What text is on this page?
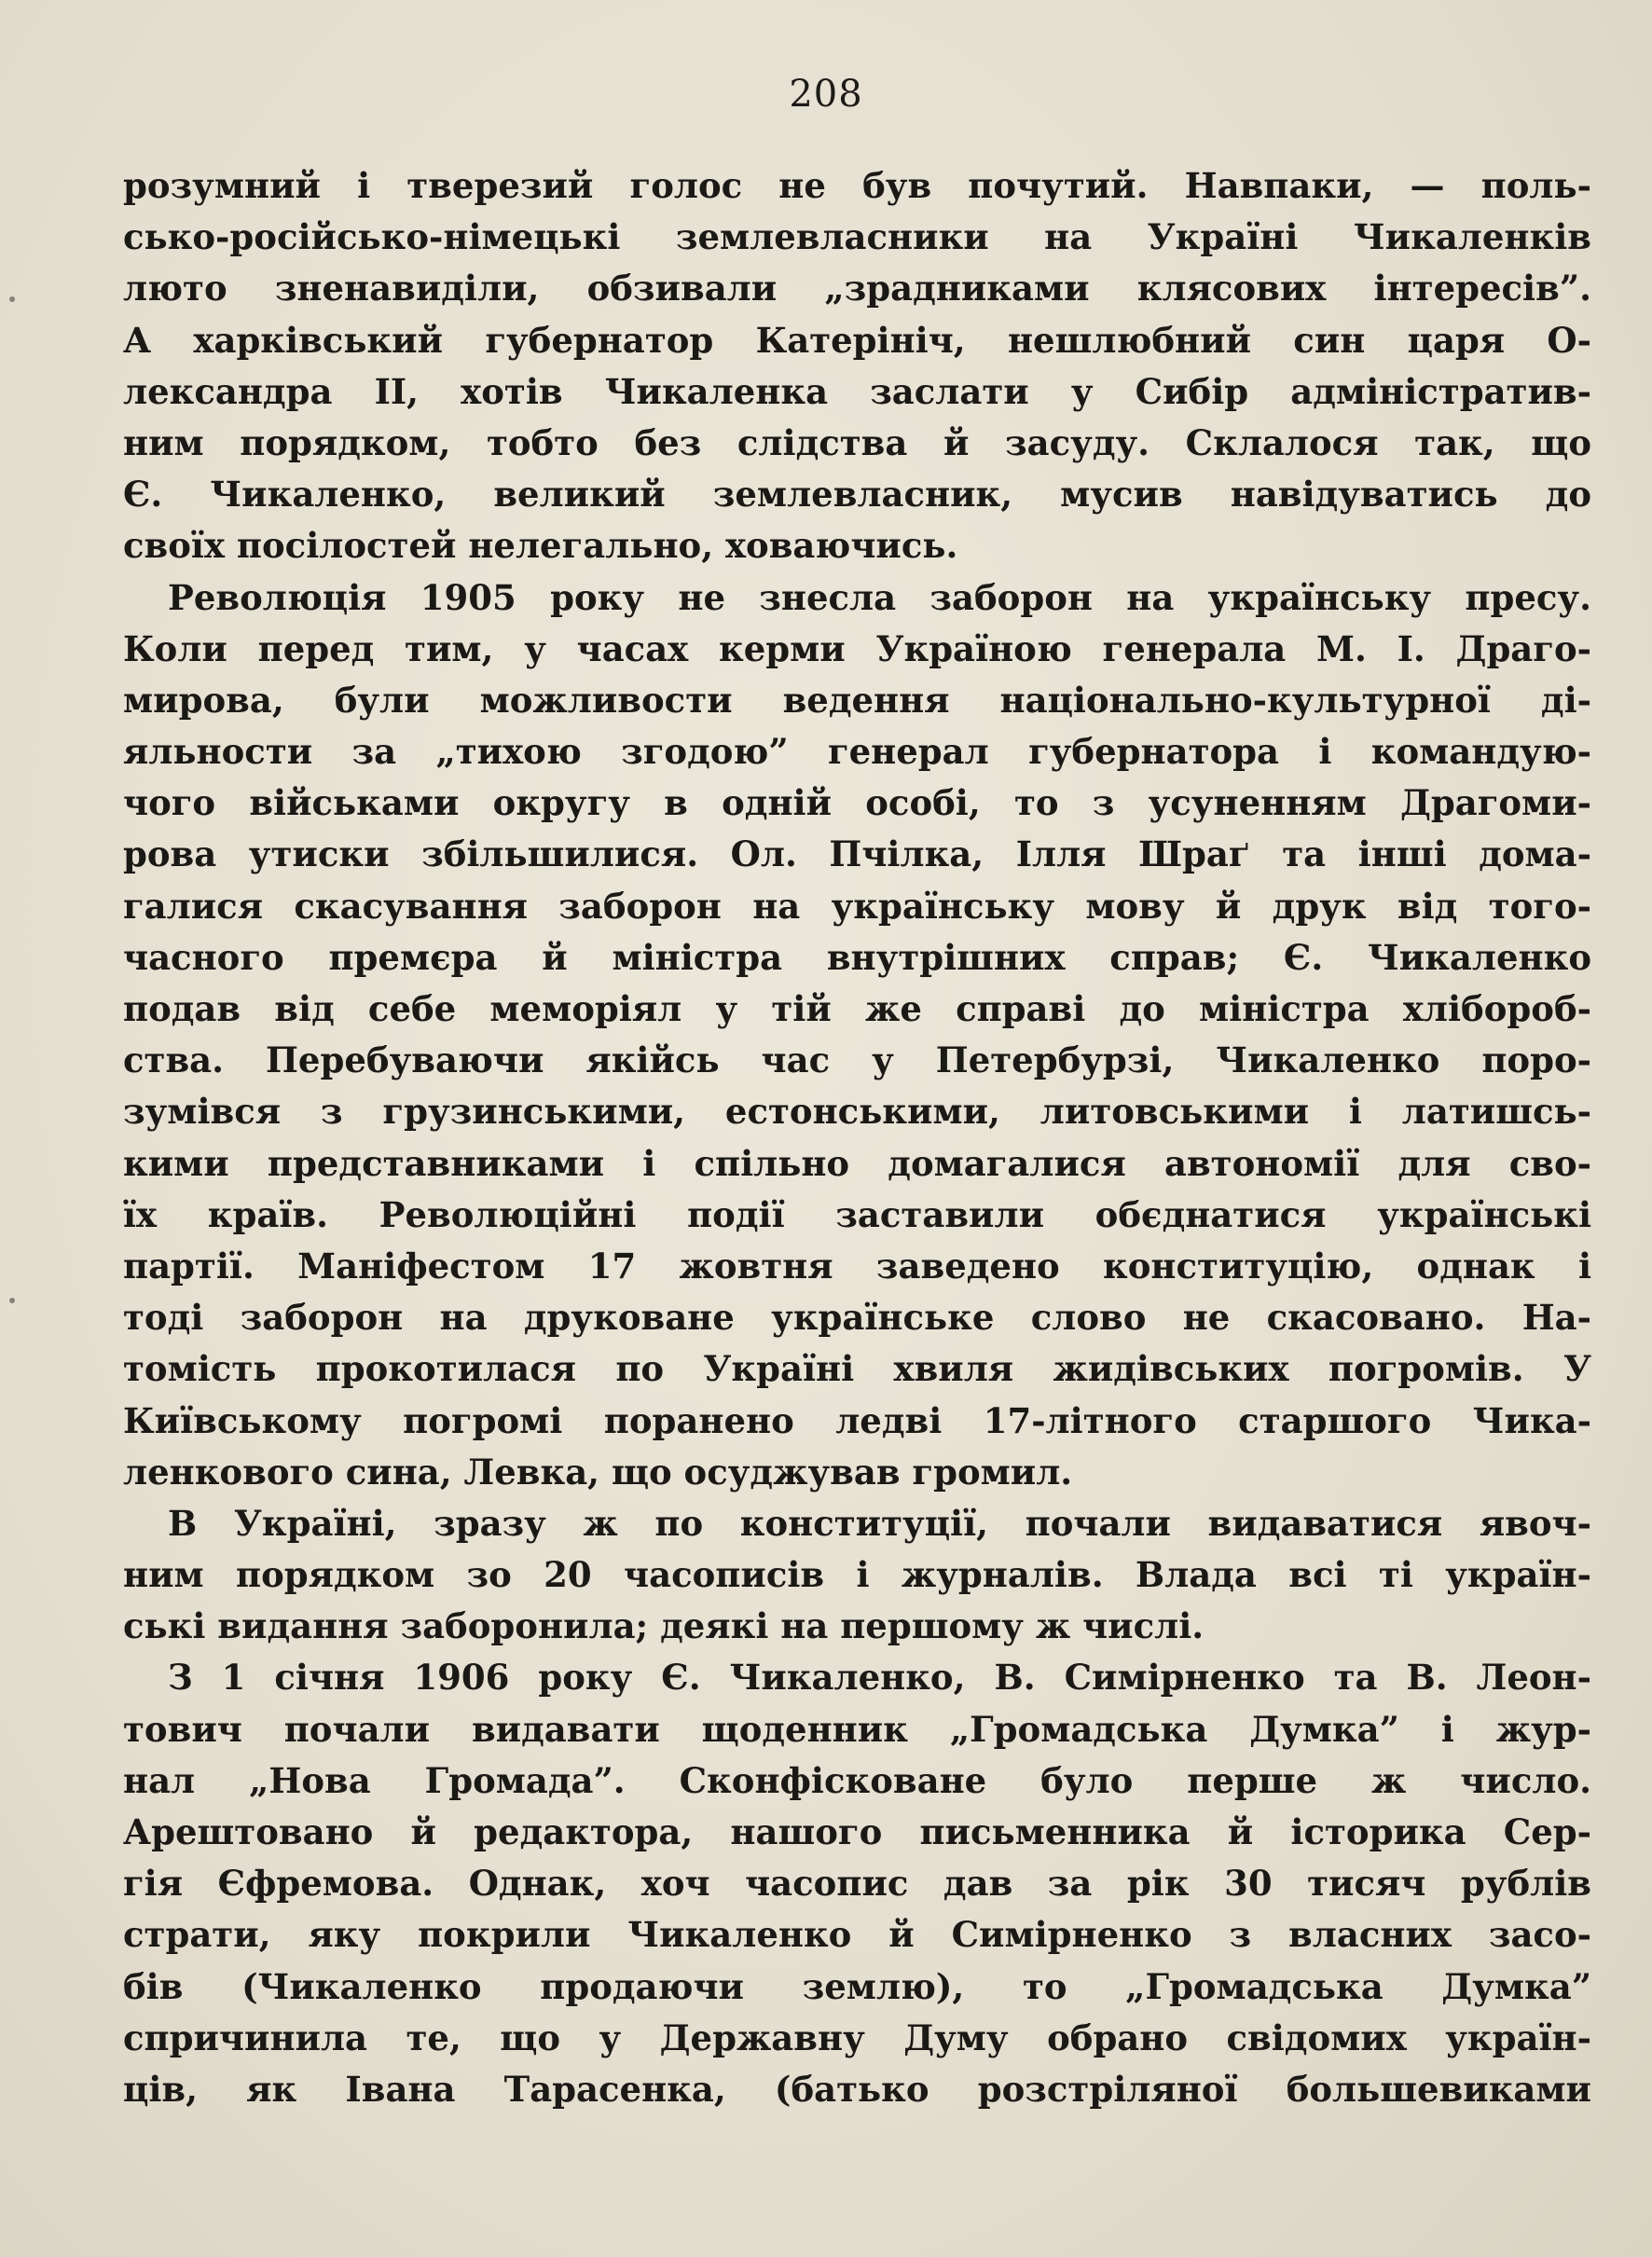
208
розумний і тверезий голос не був почутий. Навпаки, — поль-
сько-російсько-німецькі землевласники на Україні Чикаленків
люто зненавиділи, обзивали „зрадниками клясових інтересів”.
А харківський губернатор Катерініч, нешлюбний син царя О-
лександра II, хотів Чикаленка заслати у Сибір адміністратив-
ним порядком, тобто без слідства й засуду. Склалося так, що
Є. Чикаленко, великий землевласник, мусив навідуватись до
своїх посілостей нелегально, ховаючись.
Революція 1905 року не знесла заборон на українську пресу.
Коли перед тим, у часах керми Україною генерала М. І. Драго-
мирова, були можливости ведення національно-культурної ді-
яльности за „тихою згодою” генерал губернатора і командую-
чого військами округу в одній особі, то з усуненням Драгоми-
рова утиски збільшилися. Ол. Пчілка, Ілля Шраґ та інші дома-
галися скасування заборон на українську мову й друк від того-
часного премєра й міністра внутрішних справ; Є. Чикаленко
подав від себе меморіял у тій же справі до міністра хлібороб-
ства. Перебуваючи якійсь час у Петербурзі, Чикаленко поро-
зумівся з грузинськими, естонськими, литовськими і латишсь-
кими представниками і спільно домагалися автономії для сво-
їх країв. Революційні події заставили обєднатися українські
партії. Маніфестом 17 жовтня заведено конституцію, однак і
тоді заборон на друковане українське слово не скасовано. На-
томість прокотилася по Україні хвиля жидівських погромів. У
Київському погромі поранено ледві 17-літного старшого Чика-
ленкового сина, Левка, що осуджував громил.
В Україні, зразу ж по конституції, почали видаватися явоч-
ним порядком зо 20 часописів і журналів. Влада всі ті україн-
ські видання заборонила; деякі на першому ж числі.
З 1 січня 1906 року Є. Чикаленко, В. Симірненко та В. Леон-
тович почали видавати щоденник „Громадська Думка” і жур-
нал „Нова Громада”. Сконфісковане було перше ж число.
Арештовано й редактора, нашого письменника й історика Сер-
гія Єфремова. Однак, хоч часопис дав за рік 30 тисяч рублів
страти, яку покрили Чикаленко й Симірненко з власних засо-
бів (Чикаленко продаючи землю), то „Громадська Думка”
спричинила те, що у Державну Думу обрано свідомих україн-
ців, як Івана Тарасенка, (батько розстріляної большевиками
